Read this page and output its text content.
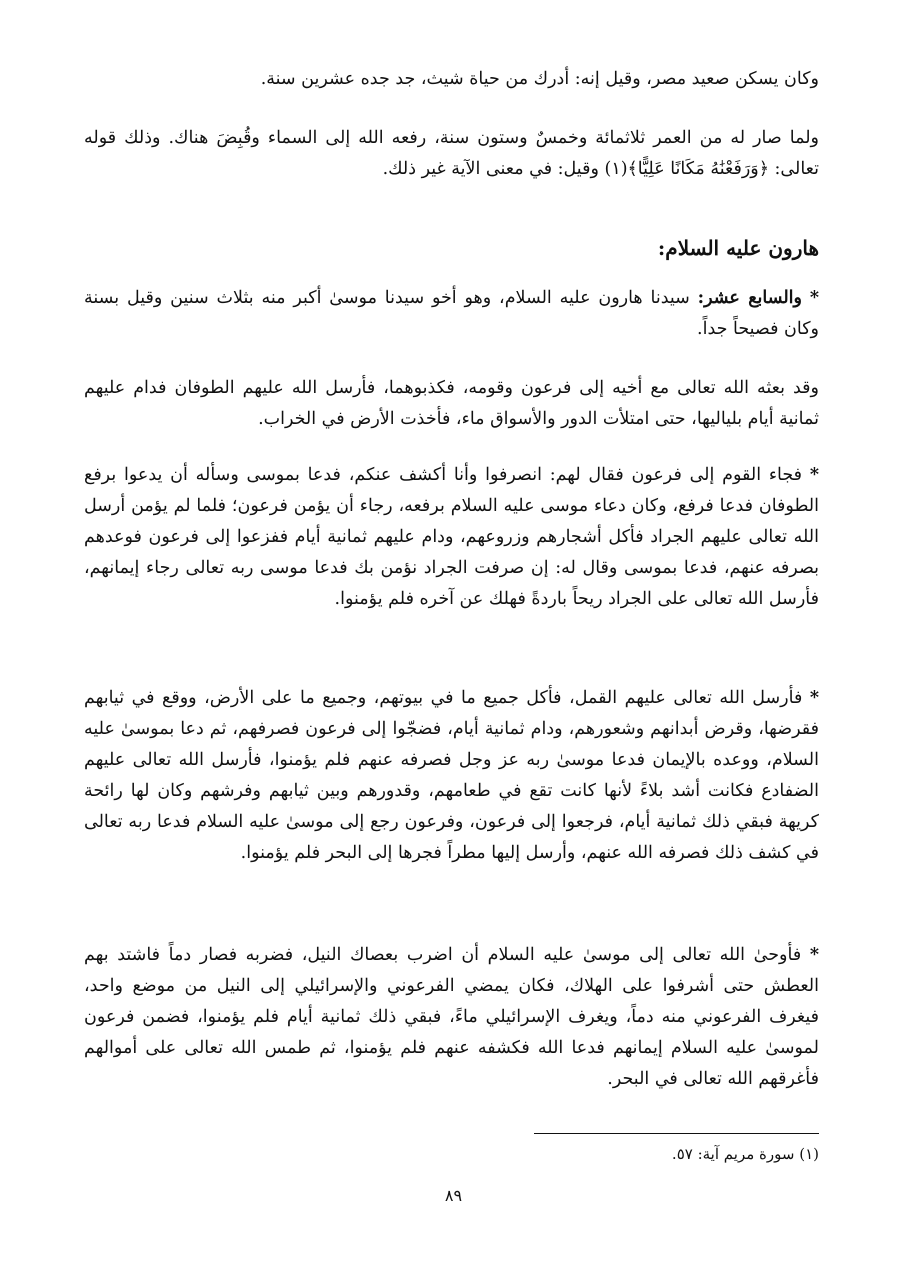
وكان يسكن صعيد مصر، وقيل إنه: أدرك من حياة شيث، جد جده عشرين سنة.

ولما صار له من العمر ثلاثمائة وخمسٌ وستون سنة، رفعه الله إلى السماء وقُبِضَ هناك. وذلك قوله تعالى: ﴿وَرَفَعْنَٰهُ مَكَانًا عَلِيًّا﴾(١) وقيل: في معنى الآية غير ذلك.

هارون عليه السلام:

* والسابع عشر: سيدنا هارون عليه السلام، وهو أخو سيدنا موسىٰ أكبر منه بثلاث سنين وقيل بسنة وكان فصيحاً جداً.

وقد بعثه الله تعالى مع أخيه إلى فرعون وقومه، فكذبوهما، فأرسل الله عليهم الطوفان فدام عليهم ثمانية أيام بلياليها، حتى امتلأت الدور والأسواق ماء، فأخذت الأرض في الخراب.

* فجاء القوم إلى فرعون فقال لهم: انصرفوا وأنا أكشف عنكم، فدعا بموسى وسأله أن يدعوا برفع الطوفان فدعا فرفع، وكان دعاء موسى عليه السلام برفعه، رجاء أن يؤمن فرعون؛ فلما لم يؤمن أرسل الله تعالى عليهم الجراد فأكل أشجارهم وزروعهم، ودام عليهم ثمانية أيام ففزعوا إلى فرعون فوعدهم بصرفه عنهم، فدعا بموسى وقال له: إن صرفت الجراد نؤمن بك فدعا موسى ربه تعالى رجاء إيمانهم، فأرسل الله تعالى على الجراد ريحاً باردةً فهلك عن آخره فلم يؤمنوا.

* فأرسل الله تعالى عليهم القمل، فأكل جميع ما في بيوتهم، وجميع ما على الأرض، ووقع في ثيابهم فقرضها، وقرض أبدانهم وشعورهم، ودام ثمانية أيام، فضجّوا إلى فرعون فصرفهم، ثم دعا بموسىٰ عليه السلام، ووعده بالإيمان فدعا موسىٰ ربه عز وجل فصرفه عنهم فلم يؤمنوا، فأرسل الله تعالى عليهم الضفادع فكانت أشد بلاءً لأنها كانت تقع في طعامهم، وقدورهم وبين ثيابهم وفرشهم وكان لها رائحة كريهة فبقي ذلك ثمانية أيام، فرجعوا إلى فرعون، وفرعون رجع إلى موسىٰ عليه السلام فدعا ربه تعالى في كشف ذلك فصرفه الله عنهم، وأرسل إليها مطراً فجرها إلى البحر فلم يؤمنوا.

* فأوحىٰ الله تعالى إلى موسىٰ عليه السلام أن اضرب بعصاك النيل، فضربه فصار دماً فاشتد بهم العطش حتى أشرفوا على الهلاك، فكان يمضي الفرعوني والإسرائيلي إلى النيل من موضع واحد، فيغرف الفرعوني منه دماً، ويغرف الإسرائيلي ماءً، فبقي ذلك ثمانية أيام فلم يؤمنوا، فضمن فرعون لموسىٰ عليه السلام إيمانهم فدعا الله فكشفه عنهم فلم يؤمنوا، ثم طمس الله تعالى على أموالهم فأغرقهم الله تعالى في البحر.

(١) سورة مريم آية: ٥٧.

٨٩
